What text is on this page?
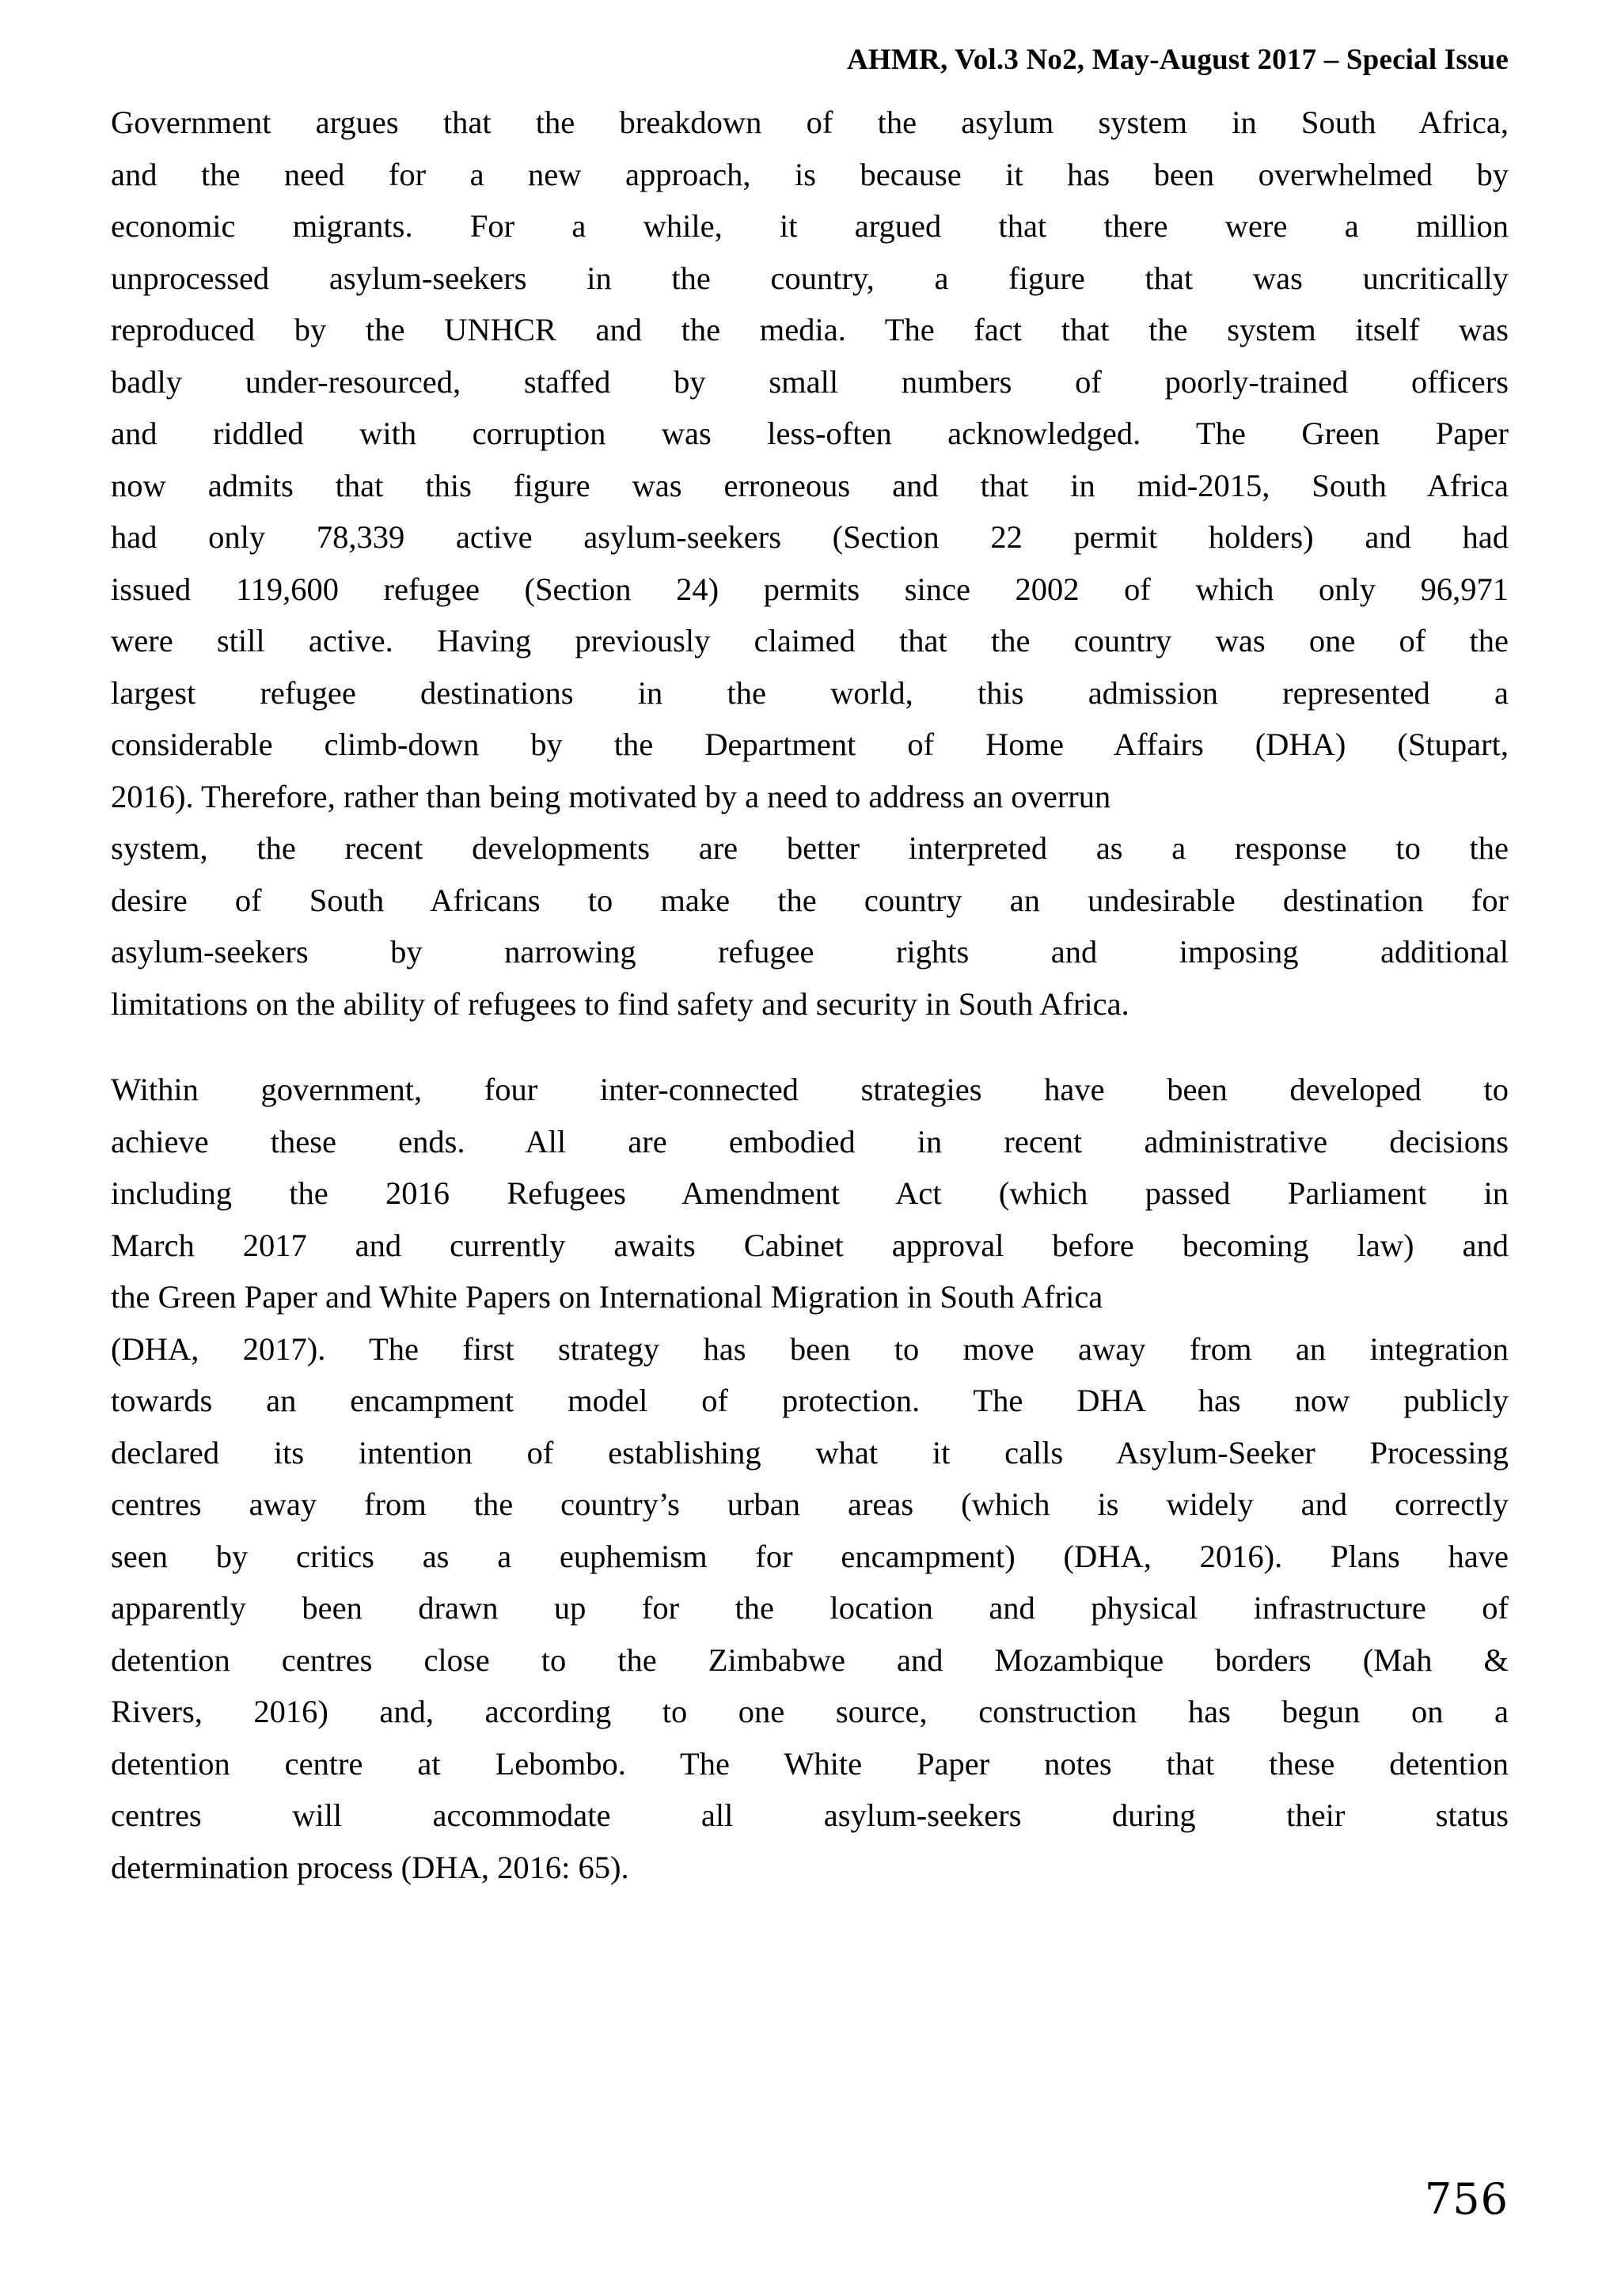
AHMR, Vol.3 No2, May-August 2017 – Special Issue

Government argues that the breakdown of the asylum system in South Africa,
and the need for a new approach, is because it has been overwhelmed by
economic migrants. For a while, it argued that there were a million
unprocessed asylum-seekers in the country, a figure that was uncritically
reproduced by the UNHCR and the media. The fact that the system itself was
badly under-resourced, staffed by small numbers of poorly-trained officers
and riddled with corruption was less-often acknowledged. The Green Paper
now admits that this figure was erroneous and that in mid-2015, South Africa
had only 78,339 active asylum-seekers (Section 22 permit holders) and had
issued 119,600 refugee (Section 24) permits since 2002 of which only 96,971
were still active. Having previously claimed that the country was one of the
largest refugee destinations in the world, this admission represented a
considerable climb-down by the Department of Home Affairs (DHA) (Stupart,
2016). Therefore, rather than being motivated by a need to address an overrun
system, the recent developments are better interpreted as a response to the
desire of South Africans to make the country an undesirable destination for
asylum-seekers by narrowing refugee rights and imposing additional
limitations on the ability of refugees to find safety and security in South Africa.

Within government, four inter-connected strategies have been developed to
achieve these ends. All are embodied in recent administrative decisions
including the 2016 Refugees Amendment Act (which passed Parliament in
March 2017 and currently awaits Cabinet approval before becoming law) and
the Green Paper and White Papers on International Migration in South Africa
(DHA, 2017). The first strategy has been to move away from an integration
towards an encampment model of protection. The DHA has now publicly
declared its intention of establishing what it calls Asylum-Seeker Processing
centres away from the country’s urban areas (which is widely and correctly
seen by critics as a euphemism for encampment) (DHA, 2016). Plans have
apparently been drawn up for the location and physical infrastructure of
detention centres close to the Zimbabwe and Mozambique borders (Mah &
Rivers, 2016) and, according to one source, construction has begun on a
detention centre at Lebombo. The White Paper notes that these detention
centres will accommodate all asylum-seekers during their status
determination process (DHA, 2016: 65).

756
